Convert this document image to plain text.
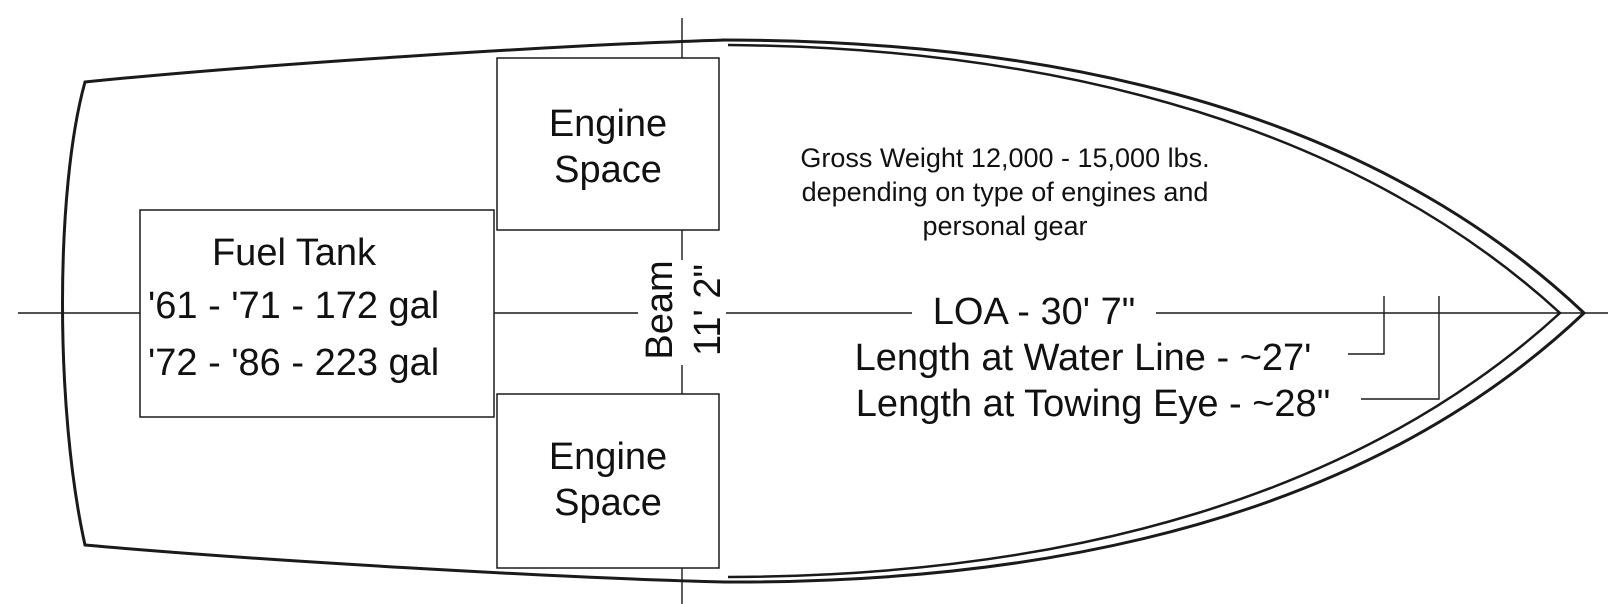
Engine
Space
Engine
Space
Fuel Tank
'61 - '71 - 172 gal
'72 - '86 - 223 gal
Beam 11' 2"
Gross Weight 12,000 - 15,000 lbs.
depending on type of engines and
personal gear
LOA - 30' 7"
Length at Water Line - ~27'
Length at Towing Eye - ~28"
